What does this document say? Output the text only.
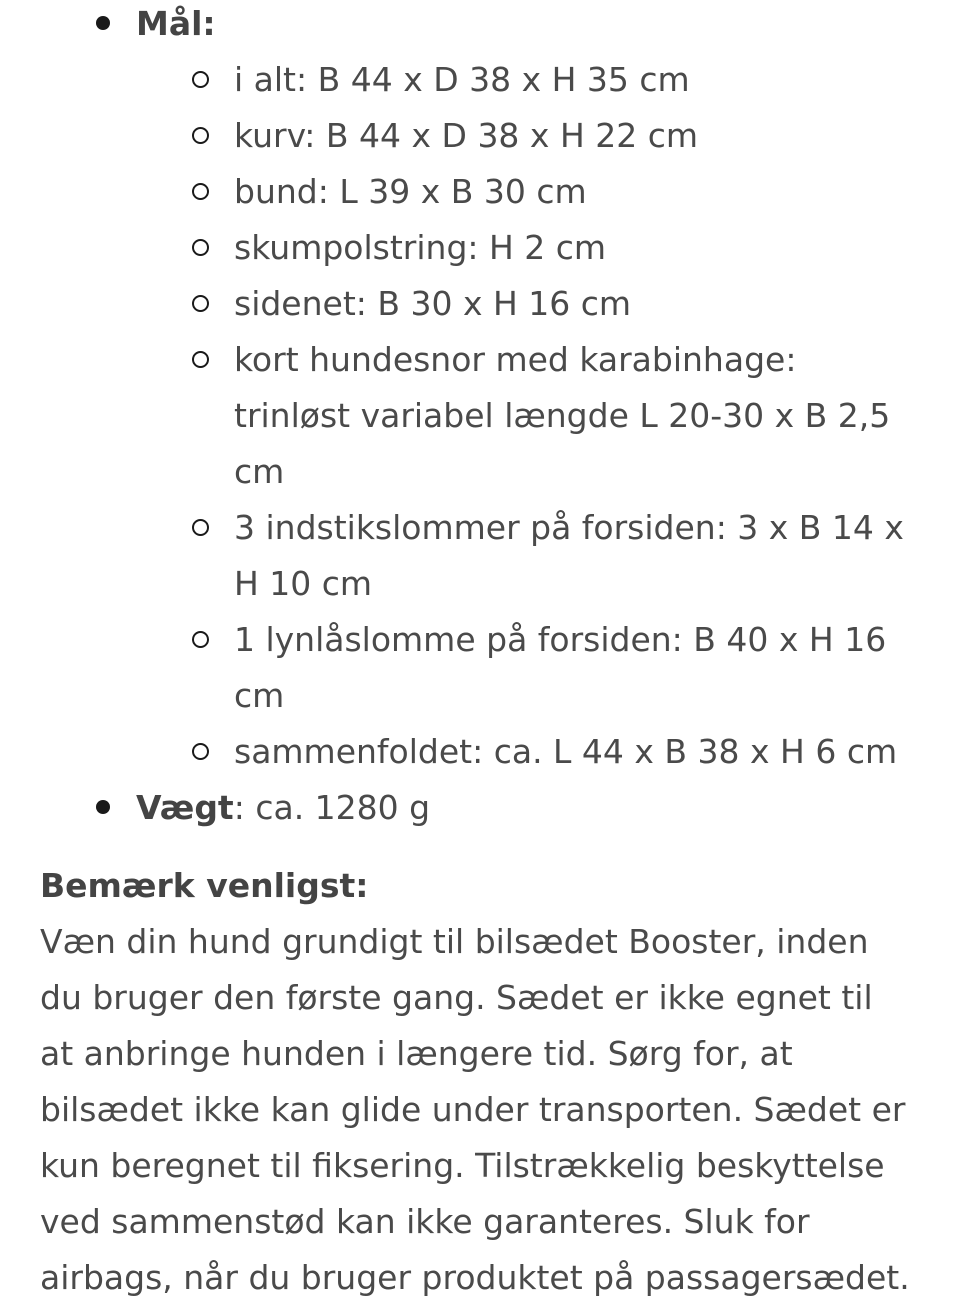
Mål:
i alt: B 44 x D 38 x H 35 cm
kurv: B 44 x D 38 x H 22 cm
bund: L 39 x B 30 cm
skumpolstring: H 2 cm
sidenet: B 30 x H 16 cm
kort hundesnor med karabinhage: trinløst variabel længde L 20-30 x B 2,5 cm
3 indstikslommer på forsiden: 3 x B 14 x H 10 cm
1 lynlåslomme på forsiden: B 40 x H 16 cm
sammenfoldet: ca. L 44 x B 38 x H 6 cm
Vægt: ca. 1280 g
Bemærk venligst:

Væn din hund grundigt til bilsædet Booster, inden du bruger den første gang. Sædet er ikke egnet til at anbringe hunden i længere tid. Sørg for, at bilsædet ikke kan glide under transporten. Sædet er kun beregnet til fiksering. Tilstrækkelig beskyttelse ved sammenstød kan ikke garanteres. Sluk for airbags, når du bruger produktet på passagersædet.
